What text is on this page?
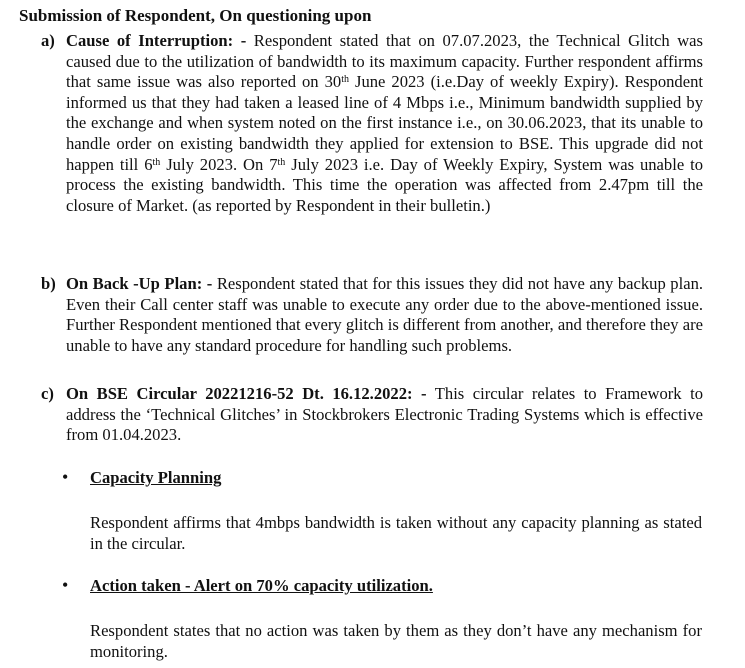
Submission of Respondent, On questioning upon
a) Cause of Interruption: - Respondent stated that on 07.07.2023, the Technical Glitch was caused due to the utilization of bandwidth to its maximum capacity. Further respondent affirms that same issue was also reported on 30th June 2023 (i.e.Day of weekly Expiry). Respondent informed us that they had taken a leased line of 4 Mbps i.e., Minimum bandwidth supplied by the exchange and when system noted on the first instance i.e., on 30.06.2023, that its unable to handle order on existing bandwidth they applied for extension to BSE. This upgrade did not happen till 6th July 2023. On 7th July 2023 i.e. Day of Weekly Expiry, System was unable to process the existing bandwidth. This time the operation was affected from 2.47pm till the closure of Market. (as reported by Respondent in their bulletin.)
b) On Back -Up Plan: - Respondent stated that for this issues they did not have any backup plan. Even their Call center staff was unable to execute any order due to the above-mentioned issue. Further Respondent mentioned that every glitch is different from another, and therefore they are unable to have any standard procedure for handling such problems.
c) On BSE Circular 20221216-52 Dt. 16.12.2022: - This circular relates to Framework to address the ‘Technical Glitches’ in Stockbrokers Electronic Trading Systems which is effective from 01.04.2023.
• Capacity Planning
Respondent affirms that 4mbps bandwidth is taken without any capacity planning as stated in the circular.
• Action taken - Alert on 70% capacity utilization.
Respondent states that no action was taken by them as they don’t have any mechanism for monitoring.
